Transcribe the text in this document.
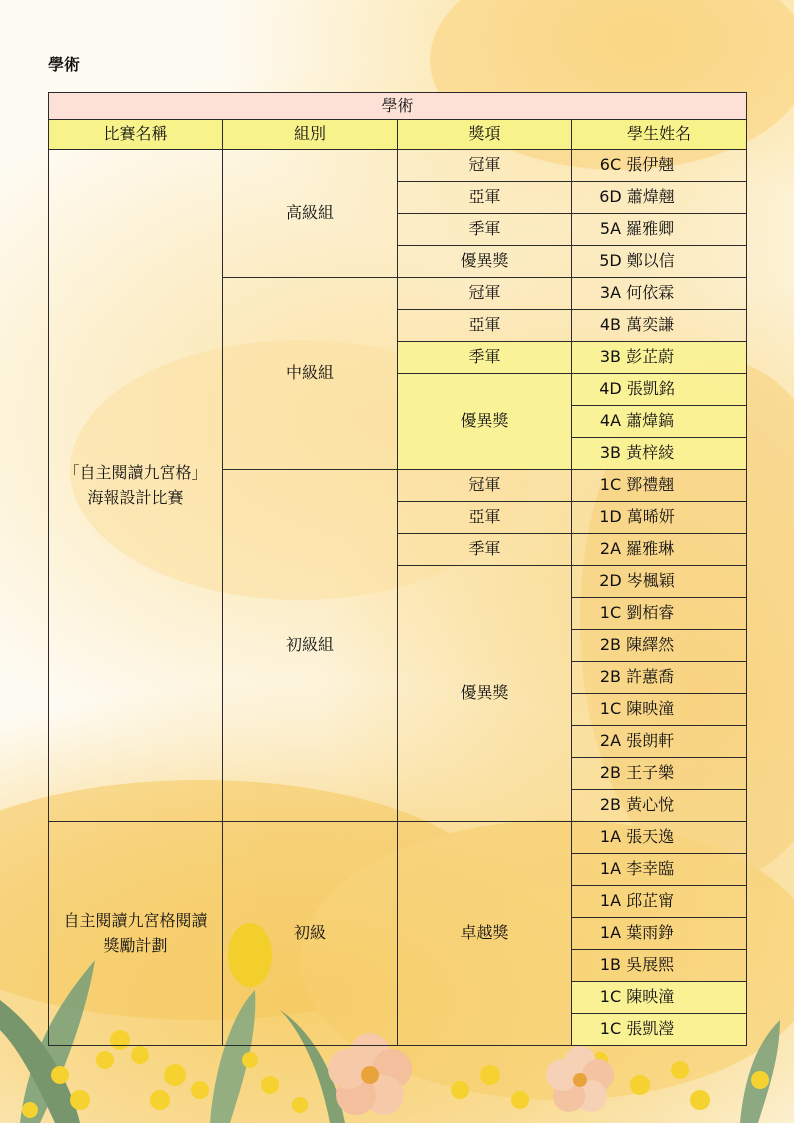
學術
學術			
比賽名稱	組別	獎項	學生姓名
「自主閱讀九宮格」海報設計比賽	高級組	冠軍	6C 張伊翹
		亞軍	6D 蕭煒翹
		季軍	5A 羅雅卿
		優異獎	5D 鄭以信
	中級組	冠軍	3A 何依霖
		亞軍	4B 萬奕謙
		季軍	3B 彭芷蔚
		優異獎	4D 張凱銘
			4A 蕭煒鎬
			3B 黃梓綾
	初級組	冠軍	1C 鄧禮翹
		亞軍	1D 萬晞妍
		季軍	2A 羅雅琳
		優異獎	2D 岑楓穎
			1C 劉栢睿
			2B 陳繹然
			2B 許蕙喬
			1C 陳映潼
			2A 張朗軒
			2B 王子樂
			2B 黃心悅
自主閱讀九宮格閱讀獎勵計劃	初級	卓越獎	1A 張天逸
			1A 李幸臨
			1A 邱芷甯
			1A 葉雨錚
			1B 吳展熙
			1C 陳映潼
			1C 張凱瀅
